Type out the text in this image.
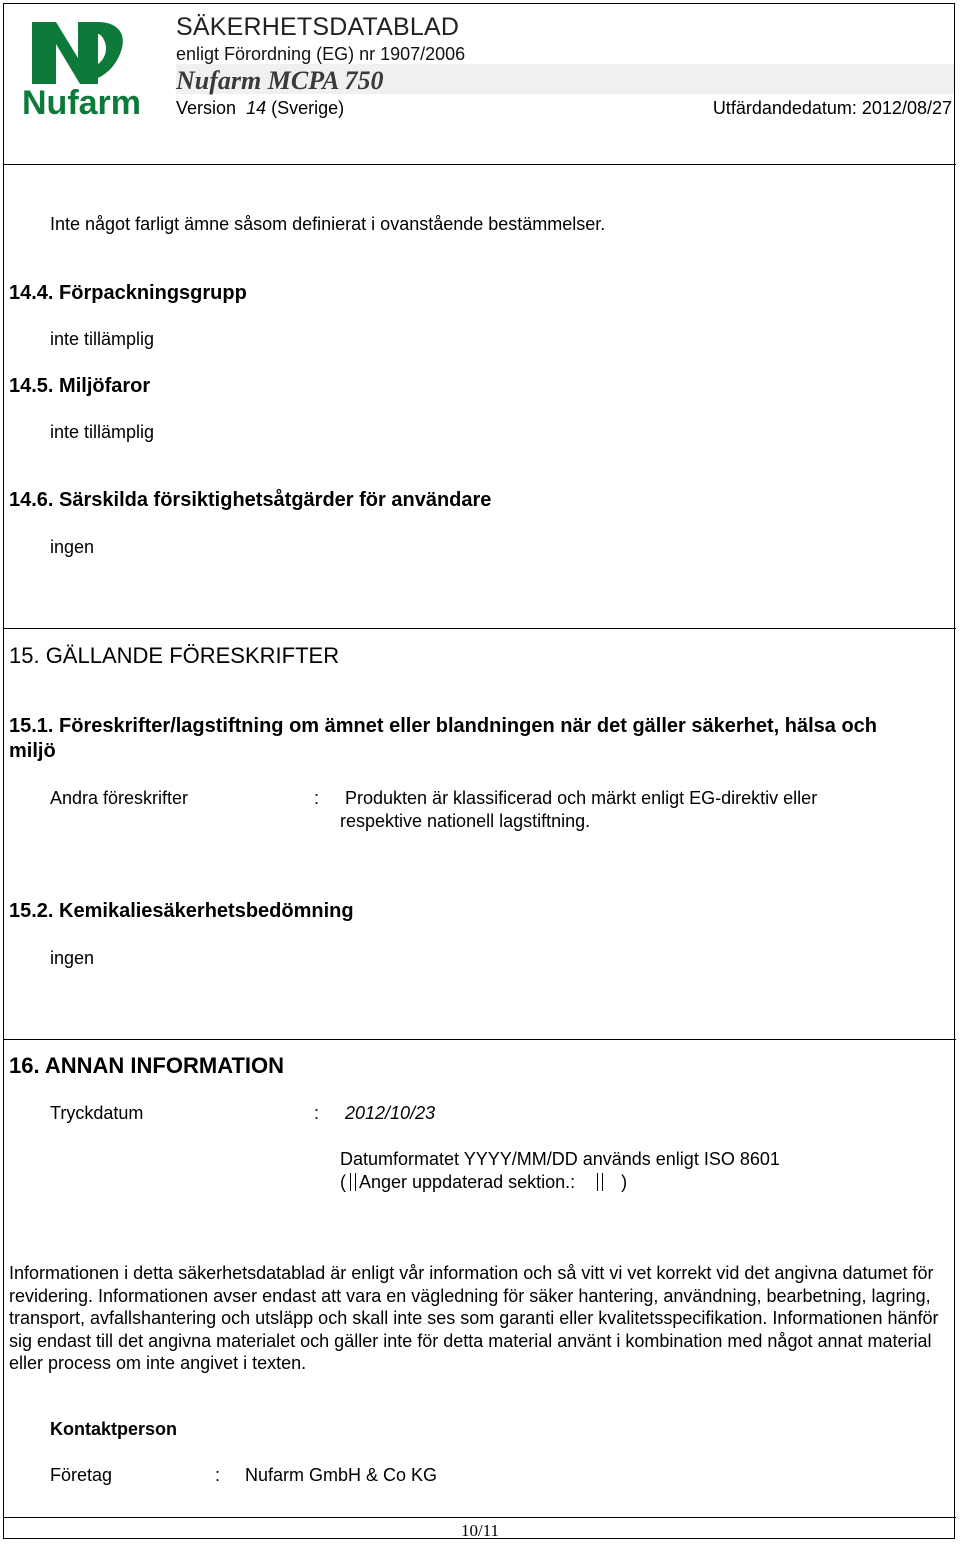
Nufarm
SÄKERHETSDATABLAD
enligt Förordning (EG) nr 1907/2006
Nufarm MCPA 750
Version 14 (Sverige)	Utfärdandedatum: 2012/08/27
Inte något farligt ämne såsom definierat i ovanstående bestämmelser.
14.4. Förpackningsgrupp
inte tillämplig
14.5. Miljöfaror
inte tillämplig
14.6. Särskilda försiktighetsåtgärder för användare
ingen
15. GÄLLANDE FÖRESKRIFTER
15.1. Föreskrifter/lagstiftning om ämnet eller blandningen när det gäller säkerhet, hälsa och
miljö
Andra föreskrifter	: Produkten är klassificerad och märkt enligt EG-direktiv eller
respektive nationell lagstiftning.
15.2. Kemikaliesäkerhetsbedömning
ingen
16. ANNAN INFORMATION
Tryckdatum	: 2012/10/23
Datumformatet YYYY/MM/DD används enligt ISO 8601
( Anger uppdaterad sektion.:	)
Informationen i detta säkerhetsdatablad är enligt vår information och så vitt vi vet korrekt vid det angivna datumet för revidering. Informationen avser endast att vara en vägledning för säker hantering, användning, bearbetning, lagring, transport, avfallshantering och utsläpp och skall inte ses som garanti eller kvalitetsspecifikation. Informationen hänför sig endast till det angivna materialet och gäller inte för detta material använt i kombination med något annat material eller process om inte angivet i texten.
Kontaktperson
Företag	: Nufarm GmbH & Co KG
10/11
